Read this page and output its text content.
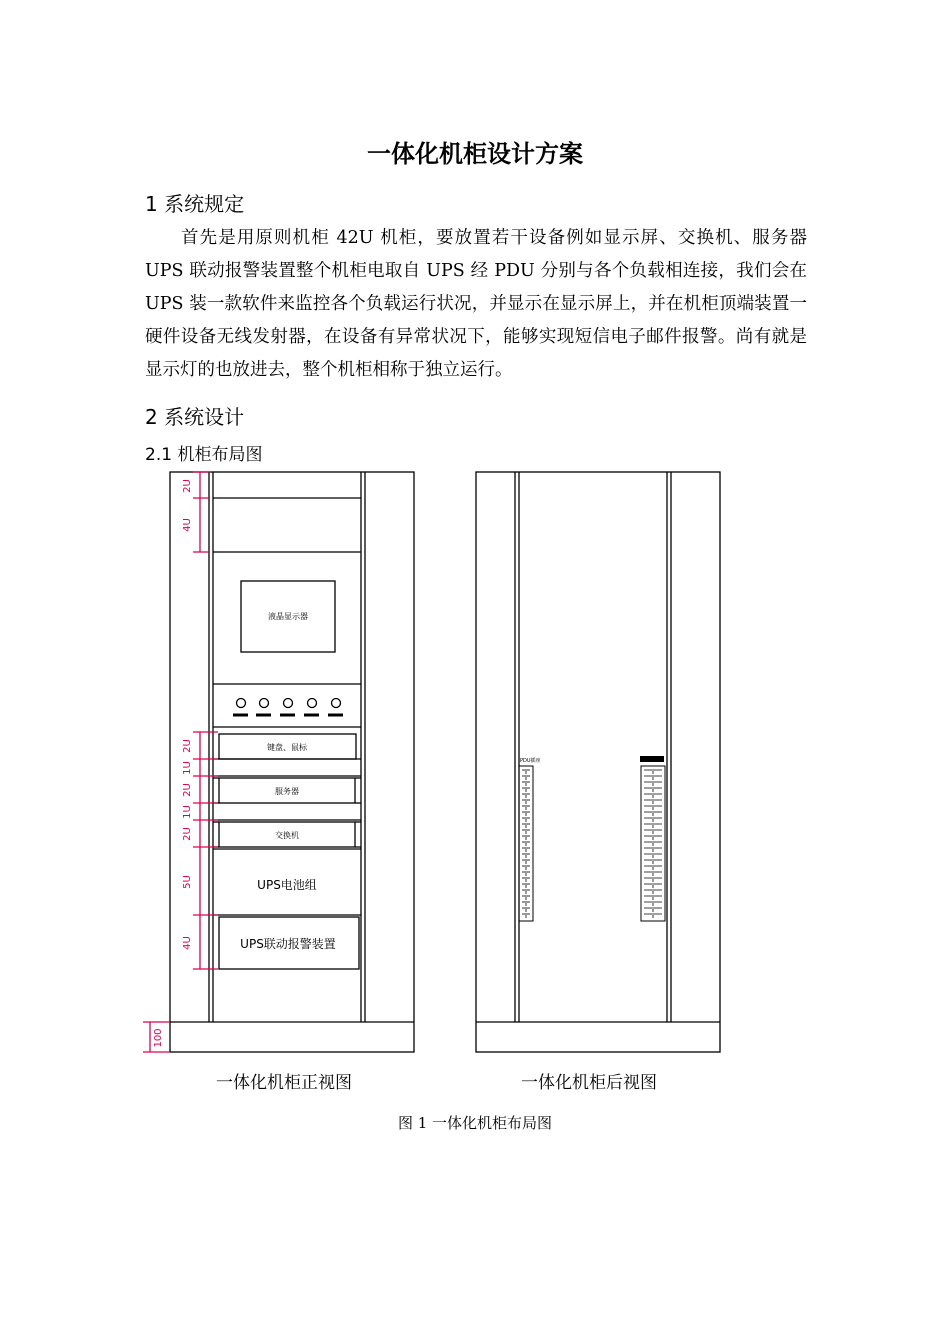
一体化机柜设计方案
1 系统规定
首先是用原则机柜 42U 机柜，要放置若干设备例如显示屏、交换机、服务器 UPS 联动报警装置整个机柜电取自 UPS 经 PDU 分别与各个负载相连接，我们会在 UPS 装一款软件来监控各个负载运行状况，并显示在显示屏上，并在机柜顶端装置一硬件设备无线发射器，在设备有异常状况下，能够实现短信电子邮件报警。尚有就是显示灯的也放进去，整个机柜相称于独立运行。
2 系统设计
2.1 机柜布局图
液晶显示器
键盘、鼠标
服务器
交换机
UPS电池组
UPS联动报警装置
2U
4U
2U
1U
2U
1U
2U
5U
4U
100
PDU插座
一体化机柜正视图	一体化机柜后视图
图 1 一体化机柜布局图
